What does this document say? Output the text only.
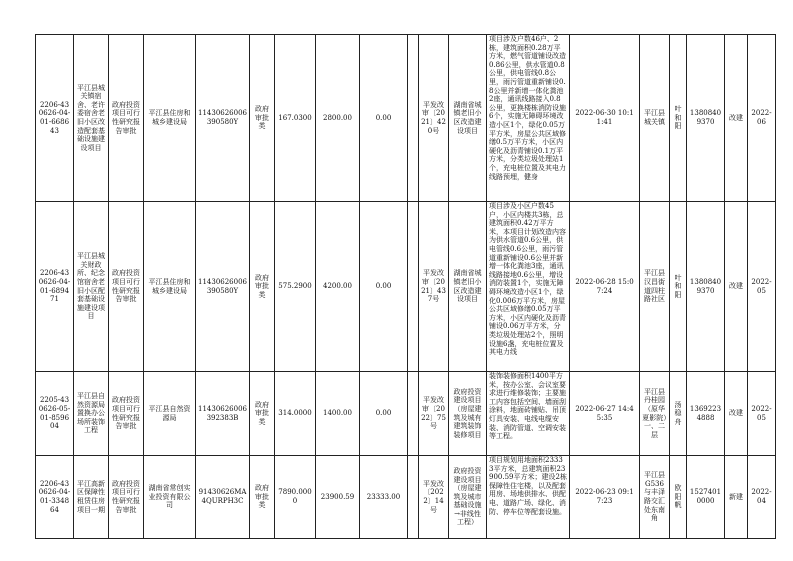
2206-430626-04-01-668643	平江县城关镇宿舍、老许委宿舍老旧小区改造配套基础设施建设项目	政府投资项目可行性研究报告审批	平江县住房和城乡建设局	11430626006390580Y	政府审批类	167.0300	2800.00	0.00		平发改审〔2021〕420号	湖南省城镇老旧小区改造建设项目	项目涉及户数46户、2栋，建筑面积0.28万平方米，燃气管道铺设改造0.86公里，供水管道0.8公里，供电管线0.8公里，雨污管道重新铺设0.8公里并新增一体化粪池2座，通讯线路接入0.8公里，更换楼栋消防设施6个，实施无障碍环境改造小区1个，绿化0.05万平方米，房屋公共区域修缮0.5万平方米，小区内硬化及沥青铺设0.1万平方米，分类垃圾处理站1个，充电桩位置及其电力线路预埋，健身	2022-06-30 10:11:41	平江县城关镇	叶和阳	13808409370	改建	2022-06
2206-430626-04-01-689471	平江县城关财政所、纪念馆宿舍老旧小区配套基础设施建设项目	政府投资项目可行性研究报告审批	平江县住房和城乡建设局	11430626006390580Y	政府审批类	575.2900	4200.00	0.00		平发改审〔2021〕437号	湖南省城镇老旧小区改造建设项目	项目涉及小区户数45户，小区内楼共3栋，总建筑面积0.42万平方米，本项目计划改造内容为供水管道0.6公里，供电管线0.6公里，雨污管道重新铺设0.6公里并新增一体化粪池3座，通讯线路接地0.6公里，增设消防装置1个，实施无障碍环境改造小区1个，绿化0.006万平方米，房屋公共区域修缮0.05万平方米，小区内硬化及沥青铺设0.06万平方米，分类垃圾处理站2个，照明设施6盏，充电桩位置及其电力线	2022-06-28 15:07:24	平江县汉昌街道四柱路社区	叶和阳	13808409370	改建	2022-05
2205-430626-05-01-859604	平江县自然资源局置换办公场所装饰工程	政府投资项目可行性研究报告审批	平江县自然资源局	11430626006392383B	政府审批类	314.0000	1400.00	0.00		平发改审〔2022〕75号	政府投资建设项目（房屋建筑及城有建筑装饰装修项目	装饰装修面积1400平方米，按办公室、会议室要求进行维修装饰；主要施工内容包括空间、墙面刮涂料，地面砖铺贴、吊顶灯具安装、电线电缆安装、消防管道、空调安装等工程。	2022-06-27 14:45:35	平江县丹桂园（原华夏影院）一、二层	汤稳舟	13692234888	改建	2022-05
2206-430626-04-01-334864	平江高新区保障性租赁住房项目一期	政府投资项目可行性研究报告审批	湖南省常创实业投资有限公司	91430626MA4QURPH3C	政府审批类	7890.0000	23900.59	23333.00		平发改〔2022〕14号	政府投资建设项目（房屋建筑及城市基础设施→非线性工程）	项目规划用地面积23333平方米，总建筑面积23900.59平方米；建设2栋保障性住宅楼，以及配套用房、场地供排水、供配电、道路广场、绿化、消防、停车位等配套设施。	2022-06-23 09:17:23	平江县G536与丰泽路交汇处东南角	欧阳帆	15274010000	新建	2022-04
